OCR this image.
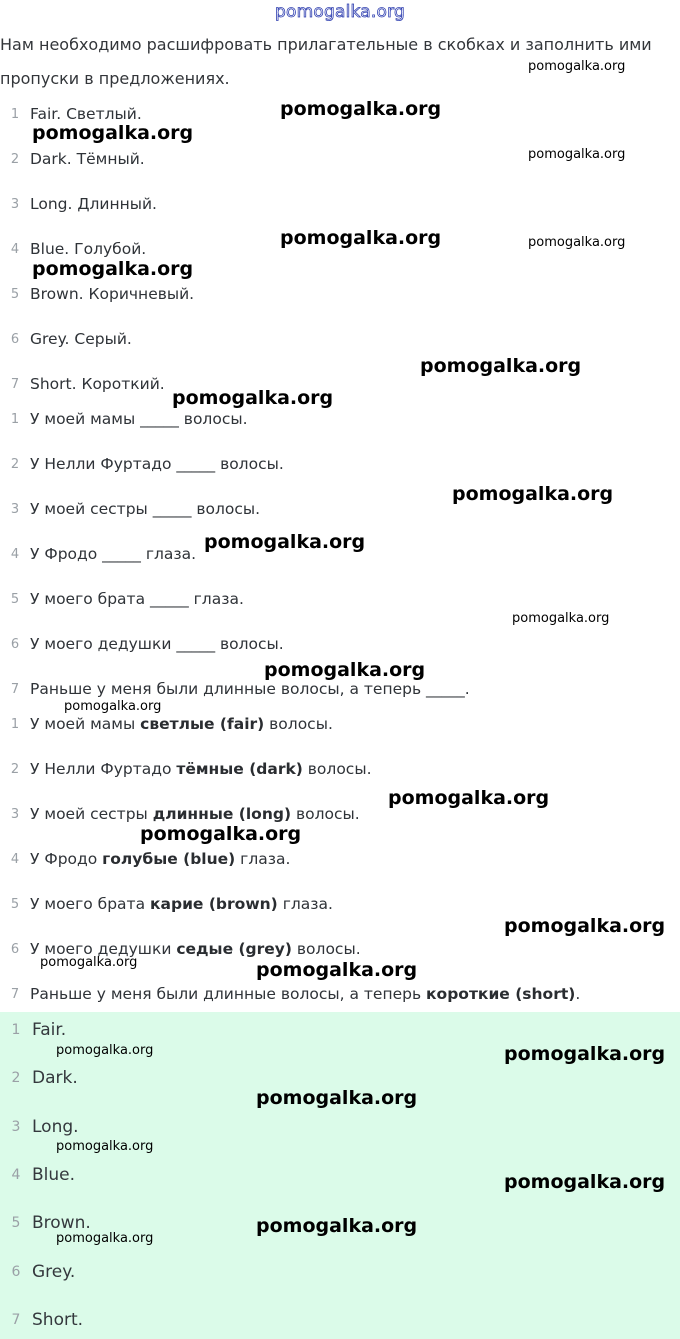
pomogalka.org
Нам необходимо расшифровать прилагательные в скобках и заполнить ими пропуски в предложениях.
1 Fair. Светлый.
2 Dark. Тёмный.
3 Long. Длинный.
4 Blue. Голубой.
5 Brown. Коричневый.
6 Grey. Серый.
7 Short. Короткий.
1 У моей мамы _____ волосы.
2 У Нелли Фуртадо _____ волосы.
3 У моей сестры _____ волосы.
4 У Фродо _____ глаза.
5 У моего брата _____ глаза.
6 У моего дедушки _____ волосы.
7 Раньше у меня были длинные волосы, а теперь _____.
1 У моей мамы светлые (fair) волосы.
2 У Нелли Фуртадо тёмные (dark) волосы.
3 У моей сестры длинные (long) волосы.
4 У Фродо голубые (blue) глаза.
5 У моего брата карие (brown) глаза.
6 У моего дедушки седые (grey) волосы.
7 Раньше у меня были длинные волосы, а теперь короткие (short).
1 Fair.
2 Dark.
3 Long.
4 Blue.
5 Brown.
6 Grey.
7 Short.
pomogalka.org
pomogalka.org
pomogalka.org
pomogalka.org
pomogalka.org	pomogalka.org
pomogalka.org
pomogalka.org
pomogalka.org
pomogalka.org
pomogalka.org
pomogalka.org
pomogalka.org
pomogalka.org
pomogalka.org
pomogalka.org
pomogalka.org
pomogalka.org	pomogalka.org
pomogalka.org	pomogalka.org
pomogalka.org
pomogalka.org
pomogalka.org
pomogalka.org
pomogalka.org
